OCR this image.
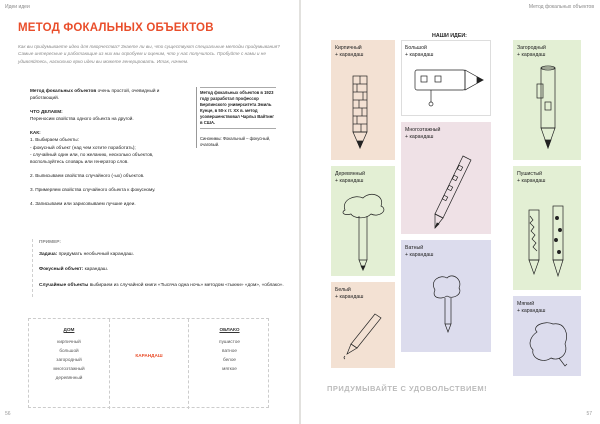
Идеи идеи
МЕТОД ФОКАЛЬНЫХ ОБЪЕКТОВ
Как вы придумываете идеи для творчества? Знаете ли вы, что существуют специальные методы придумывания? Самые интересные и работающие из них мы опробуем и оценим, что у нас получилось. Пробуйте с нами и не удивляйтесь, насколько ярко идеи вы можете генерировать. Итак, начнем.

Метод фокальных объектов очень простой, очевидный и работающий.

ЧТО ДЕЛАЕМ:
Переносим свойства одного объекта на другой.

КАК:

1. Выбираем объекты:
- фокусный объект (над чем хотите поработать);
- случайный один или, по желанию, несколько объектов, воспользуйтесь словарь или генератор слов.

2. Выписываем свойства случайного (-ых) объектов.

3. Примеряем свойства случайного объекта к фокусному.

4. Записываем или зарисовываем лучшие идеи.

Метод фокальных объектов в 1923 году разработал профессор Берлинского университета Эмиль Кунце, в 50-х гг. XX в. метод усовершенствовал Чарльз Вайтинг в США.
Синонимы: Фокальный – фокусный, очаговый.
ПРИМЕР:

Задача: придумать необычный карандаш.

Фокусный объект: карандаш.

Случайные объекты выбираем из случайной книги «Тысяча одна ночь» методом «тыкни» «дом», «облако».

ДОМ
кирпичный
большой
загородный
многоэтажный
деревянный
КАРАНДАШ
ОБЛАКО
пушистое
ватное
белое
мягкое
56
Метод фокальных объектов
НАШИ ИДЕИ:
Кирпичный
+ карандаш
Большой
+ карандаш
Загородный
+ карандаш
Многоэтажный
+ карандаш
Деревянный
+ карандаш
Пушистый
+ карандаш
Ватный
+ карандаш
Белый
+ карандаш
Мягкий
+ карандаш
ПРИДУМЫВАЙТЕ С УДОВОЛЬСТВИЕМ!
57
